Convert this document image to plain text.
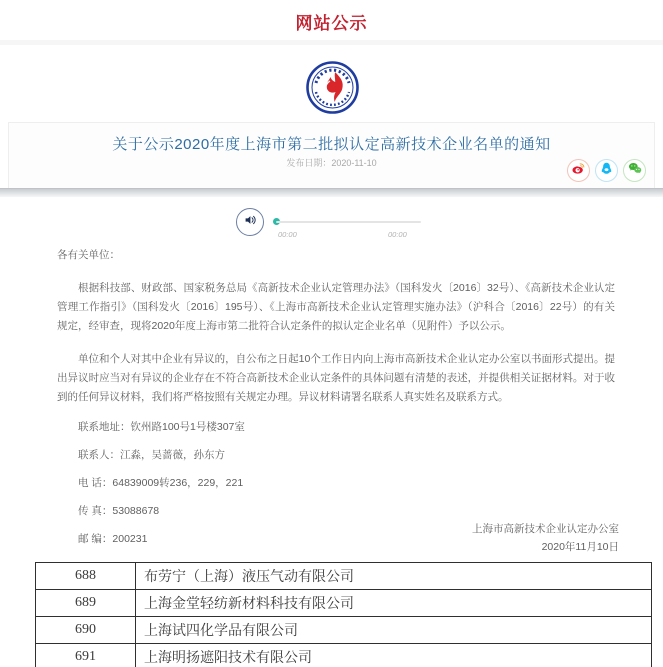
网站公示
关于公示2020年度上海市第二批拟认定高新技术企业名单的通知
发布日期：2020-11-10
00:00	00:00

各有关单位：

根据科技部、财政部、国家税务总局《高新技术企业认定管理办法》（国科发火〔2016〕32号）、《高新技术企业认定管理工作指引》（国科发火〔2016〕195号）、《上海市高新技术企业认定管理实施办法》（沪科合〔2016〕22号）的有关规定，经审查，现将2020年度上海市第二批符合认定条件的拟认定企业名单（见附件）予以公示。

单位和个人对其中企业有异议的，自公布之日起10个工作日内向上海市高新技术企业认定办公室以书面形式提出。提出异议时应当对有异议的企业存在不符合高新技术企业认定条件的具体问题有清楚的表述，并提供相关证据材料。对于收到的任何异议材料，我们将严格按照有关规定办理。异议材料请署名联系人真实姓名及联系方式。

联系地址：钦州路100号1号楼307室

联系人：江淼，吴蔷薇，孙东方

电 话：64839009转236，229，221

传 真：53088678

邮 编：200231

上海市高新技术企业认定办公室
2020年11月10日
688	布劳宁（上海）液压气动有限公司
689	上海金堂轻纺新材料科技有限公司
690	上海试四化学品有限公司
691	上海明扬遮阳技术有限公司
